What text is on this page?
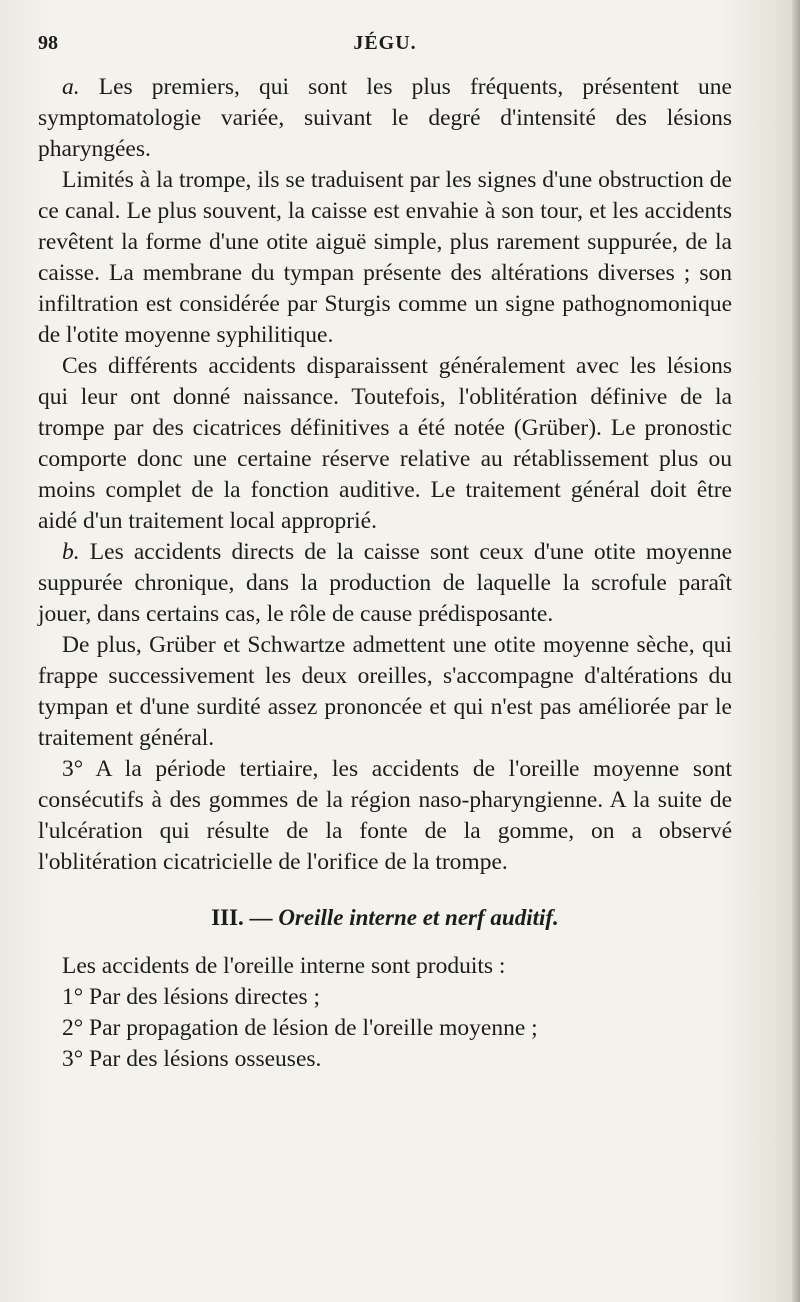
98	JÉGU.

a. Les premiers, qui sont les plus fréquents, présentent une symptomatologie variée, suivant le degré d'intensité des lésions pharyngées.

Limités à la trompe, ils se traduisent par les signes d'une obstruction de ce canal. Le plus souvent, la caisse est envahie à son tour, et les accidents revêtent la forme d'une otite aiguë simple, plus rarement suppurée, de la caisse. La membrane du tympan présente des altérations diverses ; son infiltration est considérée par Sturgis comme un signe pathognomonique de l'otite moyenne syphilitique.

Ces différents accidents disparaissent généralement avec les lésions qui leur ont donné naissance. Toutefois, l'oblitération définive de la trompe par des cicatrices définitives a été notée (Grüber). Le pronostic comporte donc une certaine réserve relative au rétablissement plus ou moins complet de la fonction auditive. Le traitement général doit être aidé d'un traitement local approprié.

b. Les accidents directs de la caisse sont ceux d'une otite moyenne suppurée chronique, dans la production de laquelle la scrofule paraît jouer, dans certains cas, le rôle de cause prédisposante.

De plus, Grüber et Schwartze admettent une otite moyenne sèche, qui frappe successivement les deux oreilles, s'accompagne d'altérations du tympan et d'une surdité assez prononcée et qui n'est pas améliorée par le traitement général.

3° A la période tertiaire, les accidents de l'oreille moyenne sont consécutifs à des gommes de la région naso-pharyngienne. A la suite de l'ulcération qui résulte de la fonte de la gomme, on a observé l'oblitération cicatricielle de l'orifice de la trompe.

III. — Oreille interne et nerf auditif.

Les accidents de l'oreille interne sont produits :

1° Par des lésions directes ;

2° Par propagation de lésion de l'oreille moyenne ;

3° Par des lésions osseuses.
